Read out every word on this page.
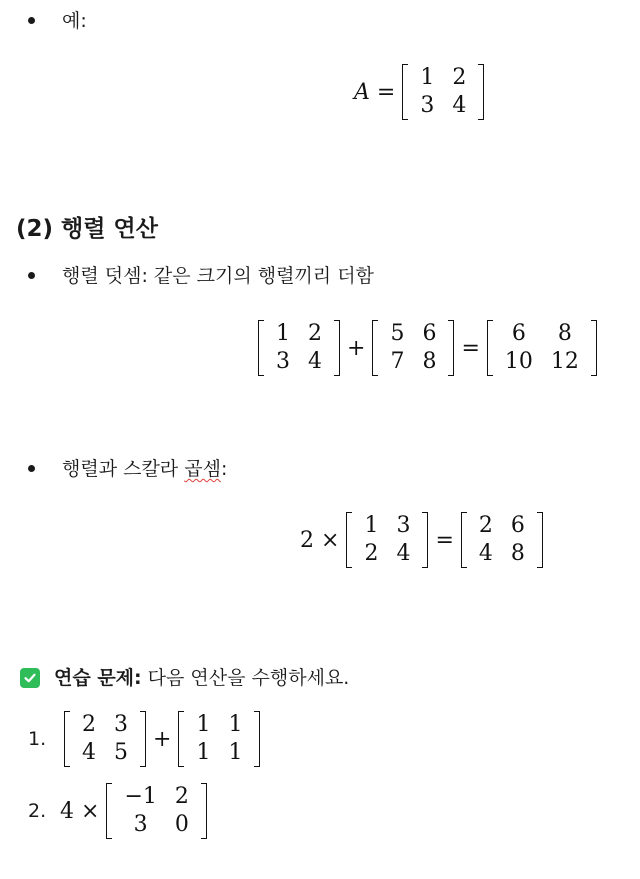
예:
A =
1	2
3	4
(2) 행렬 연산
행렬 덧셈: 같은 크기의 행렬끼리 더함
1	2
3	4
+
5	6
7	8
=
6	8
10	12
행렬과 스칼라 곱셈:
2 ×
1	3
2	4
=
2	6
4	8
연습 문제: 다음 연산을 수행하세요.
1.
2	3
4	5
+
1	1
1	1
2. 4 ×
−1	2
3	0
